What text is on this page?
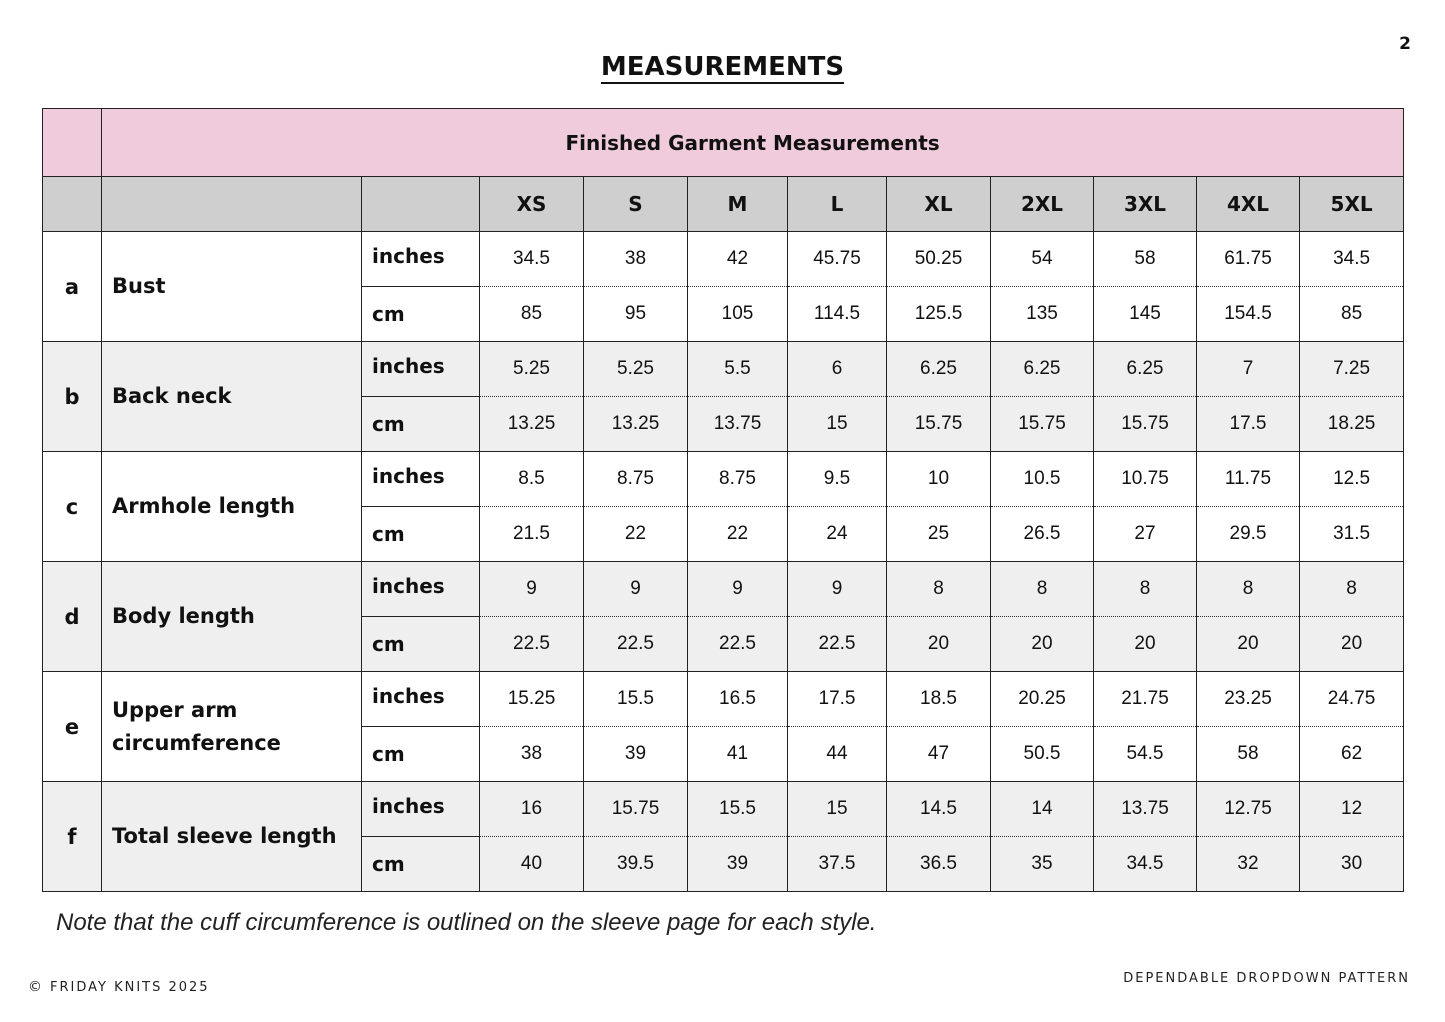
2
MEASUREMENTS
	Finished Garment Measurements										
			XS	S	M	L	XL	2XL	3XL	4XL	5XL
a	Bust	inches	34.5	38	42	45.75	50.25	54	58	61.75	34.5
		cm	85	95	105	114.5	125.5	135	145	154.5	85
b	Back neck	inches	5.25	5.25	5.5	6	6.25	6.25	6.25	7	7.25
		cm	13.25	13.25	13.75	15	15.75	15.75	15.75	17.5	18.25
c	Armhole length	inches	8.5	8.75	8.75	9.5	10	10.5	10.75	11.75	12.5
		cm	21.5	22	22	24	25	26.5	27	29.5	31.5
d	Body length	inches	9	9	9	9	8	8	8	8	8
		cm	22.5	22.5	22.5	22.5	20	20	20	20	20
e	Upper arm circumference	inches	15.25	15.5	16.5	17.5	18.5	20.25	21.75	23.25	24.75
		cm	38	39	41	44	47	50.5	54.5	58	62
f	Total sleeve length	inches	16	15.75	15.5	15	14.5	14	13.75	12.75	12
		cm	40	39.5	39	37.5	36.5	35	34.5	32	30
Note that the cuff circumference is outlined on the sleeve page for each style.
© FRIDAY KNITS 2025
DEPENDABLE DROPDOWN PATTERN
